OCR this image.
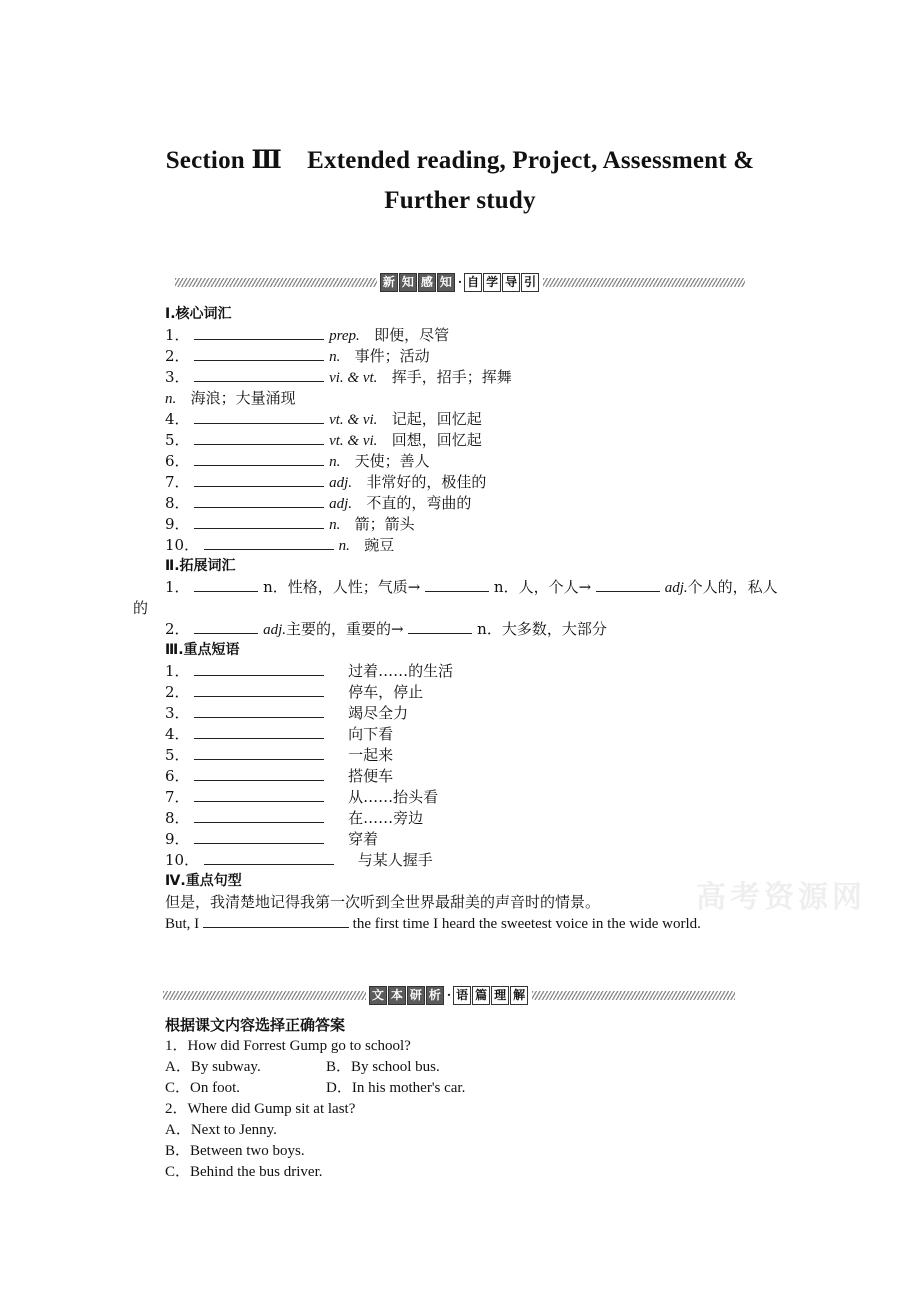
Section Ⅲ　Extended reading, Project, Assessment &
Further study
新 知 感 知 · 自 学 导 引
Ⅰ.核心词汇
1．	prep. 即便，尽管
2．	n. 事件；活动
3．	vi. & vt. 挥手，招手；挥舞
n. 海浪；大量涌现
4．	vt. & vi. 记起，回忆起
5．	vt. & vi. 回想，回忆起
6．	n. 天使；善人
7．	adj. 非常好的，极佳的
8．	adj. 不直的，弯曲的
9．	n. 箭；箭头
10．	n. 豌豆
Ⅱ.拓展词汇
1．	n．性格，人性；气质→	n．人，个人→	adj.个人的，私人
的
2．	adj.主要的，重要的→	n．大多数，大部分
Ⅲ.重点短语
1．	过着……的生活
2．	停车，停止
3．	竭尽全力
4．	向下看
5．	一起来
6．	搭便车
7．	从……抬头看
8．	在……旁边
9．	穿着
10．	与某人握手
Ⅳ.重点句型
但是，我清楚地记得我第一次听到全世界最甜美的声音时的情景。
But, I	the first time I heard the sweetest voice in the wide world.
高考资源网
文 本 研 析 · 语 篇 理 解
根据课文内容选择正确答案
1．How did Forrest Gump go to school?
A．By subway.	B．By school bus.
C．On foot.	D．In his mother's car.
2．Where did Gump sit at last?
A．Next to Jenny.
B．Between two boys.
C．Behind the bus driver.
